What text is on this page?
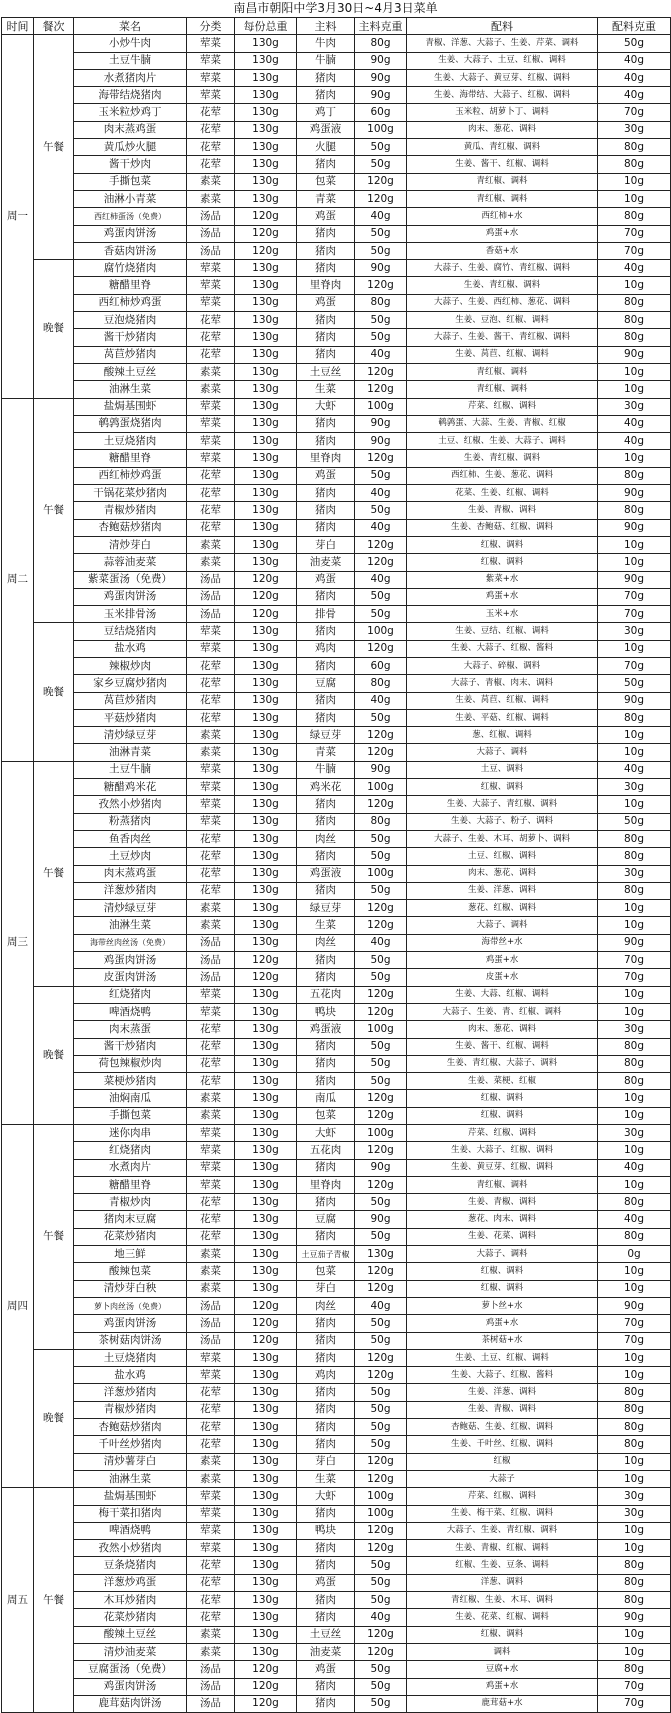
南昌市朝阳中学3月30日~4月3日菜单
时间	餐次	菜名	分类	每份总重	主料	主料克重	配料	配料克重
周一	午餐	小炒牛肉	荤菜	130g	牛肉	80g	青椒、洋葱、大蒜子、生姜、芹菜、调料	50g
		土豆牛腩	荤菜	130g	牛腩	90g	生姜、大蒜子、土豆、红椒、调料	40g
		水煮猪肉片	荤菜	130g	猪肉	90g	生姜、大蒜子、黄豆芽、红椒、调料	40g
		海带结烧猪肉	荤菜	130g	猪肉	90g	生姜、海带结、大蒜子、红椒、调料	40g
		玉米粒炒鸡丁	花荤	130g	鸡丁	60g	玉米粒、胡萝卜丁、调料	70g
		肉末蒸鸡蛋	花荤	130g	鸡蛋液	100g	肉末、葱花、调料	30g
		黄瓜炒火腿	花荤	130g	火腿	50g	黄瓜、青红椒、调料	80g
		酱干炒肉	花荤	130g	猪肉	50g	生姜、酱干、红椒、调料	80g
		手撕包菜	素菜	130g	包菜	120g	青红椒、调料	10g
		油淋小青菜	素菜	130g	青菜	120g	青红椒、调料	10g
		西红柿蛋汤（免费）	汤品	120g	鸡蛋	40g	西红柿+水	80g
		鸡蛋肉饼汤	汤品	120g	猪肉	50g	鸡蛋+水	70g
		香菇肉饼汤	汤品	120g	猪肉	50g	香菇+水	70g
	晚餐	腐竹烧猪肉	荤菜	130g	猪肉	90g	大蒜子、生姜、腐竹、青红椒、调料	40g
		糖醋里脊	荤菜	130g	里脊肉	120g	生姜、青红椒、调料	10g
		西红柿炒鸡蛋	荤菜	130g	鸡蛋	80g	大蒜子、生姜、西红柿、葱花、调料	80g
		豆泡烧猪肉	花荤	130g	猪肉	50g	生姜、豆泡、红椒、调料	80g
		酱干炒猪肉	花荤	130g	猪肉	50g	大蒜子、生姜、酱干、青红椒、调料	80g
		莴苣炒猪肉	花荤	130g	猪肉	40g	生姜、莴苣、红椒、调料	90g
		酸辣土豆丝	素菜	130g	土豆丝	120g	青红椒、调料	10g
		油淋生菜	素菜	130g	生菜	120g	青红椒、调料	10g
周二	午餐	盐焗基围虾	荤菜	130g	大虾	100g	芹菜、红椒、调料	30g
		鹌鹑蛋烧猪肉	荤菜	130g	猪肉	90g	鹌鹑蛋、大蒜、生姜、青椒、红椒	40g
		土豆烧猪肉	荤菜	130g	猪肉	90g	土豆、红椒、生姜、大蒜子、调料	40g
		糖醋里脊	荤菜	130g	里脊肉	120g	生姜、青红椒、调料	10g
		西红柿炒鸡蛋	花荤	130g	鸡蛋	50g	西红柿、生姜、葱花、调料	80g
		干锅花菜炒猪肉	花荤	130g	猪肉	40g	花菜、生姜、红椒、调料	90g
		青椒炒猪肉	花荤	130g	猪肉	50g	生姜、青椒、调料	80g
		杏鲍菇炒猪肉	花荤	130g	猪肉	40g	生姜、杏鲍菇、红椒、调料	90g
		清炒芽白	素菜	130g	芽白	120g	红椒、调料	10g
		蒜蓉油麦菜	素菜	130g	油麦菜	120g	红椒、调料	10g
		紫菜蛋汤（免费）	汤品	120g	鸡蛋	40g	紫菜+水	90g
		鸡蛋肉饼汤	汤品	120g	猪肉	50g	鸡蛋+水	70g
		玉米排骨汤	汤品	120g	排骨	50g	玉米+水	70g
	晚餐	豆结烧猪肉	荤菜	130g	猪肉	100g	生姜、豆结、红椒、调料	30g
		盐水鸡	荤菜	130g	鸡肉	120g	生姜、大蒜子、红椒、酱料	10g
		辣椒炒肉	花荤	130g	猪肉	60g	大蒜子、碎椒、调料	70g
		家乡豆腐炒猪肉	花荤	130g	豆腐	80g	大蒜子、青椒、肉末、调料	50g
		莴苣炒猪肉	花荤	130g	猪肉	40g	生姜、莴苣、红椒、调料	90g
		平菇炒猪肉	花荤	130g	猪肉	50g	生姜、平菇、红椒、调料	80g
		清炒绿豆芽	素菜	130g	绿豆芽	120g	葱、红椒、调料	10g
		油淋青菜	素菜	130g	青菜	120g	大蒜子、调料	10g
周三	午餐	土豆牛腩	荤菜	130g	牛腩	90g	土豆、调料	40g
		糖醋鸡米花	荤菜	130g	鸡米花	100g	红椒、调料	30g
		孜然小炒猪肉	荤菜	130g	猪肉	120g	生姜、大蒜子、青红椒、调料	10g
		粉蒸猪肉	荤菜	130g	猪肉	80g	生姜、大蒜子、粉子、调料	50g
		鱼香肉丝	花荤	130g	肉丝	50g	大蒜子、生姜、木耳、胡萝卜、调料	80g
		土豆炒肉	花荤	130g	猪肉	50g	土豆、红椒、调料	80g
		肉末蒸鸡蛋	花荤	130g	鸡蛋液	100g	肉末、葱花、调料	30g
		洋葱炒猪肉	花荤	130g	猪肉	50g	生姜、洋葱、调料	80g
		清炒绿豆芽	素菜	130g	绿豆芽	120g	葱花、红椒、调料	10g
		油淋生菜	素菜	130g	生菜	120g	大蒜子、调料	10g
		海带丝肉丝汤（免费）	汤品	130g	肉丝	40g	海带丝+水	90g
		鸡蛋肉饼汤	汤品	120g	猪肉	50g	鸡蛋+水	70g
		皮蛋肉饼汤	汤品	120g	猪肉	50g	皮蛋+水	70g
	晚餐	红烧猪肉	荤菜	130g	五花肉	120g	生姜、大蒜、红椒、调料	10g
		啤酒烧鸭	荤菜	130g	鸭块	120g	大蒜子、生姜、青、红椒、调料	10g
		肉末蒸蛋	花荤	130g	鸡蛋液	100g	肉末、葱花、调料	30g
		酱干炒猪肉	花荤	130g	猪肉	50g	生姜、酱干、红椒、调料	80g
		荷包辣椒炒肉	花荤	130g	猪肉	50g	生姜、青红椒、大蒜子、调料	80g
		菜梗炒猪肉	花荤	130g	猪肉	50g	生姜、菜梗、红椒	80g
		油焖南瓜	素菜	130g	南瓜	120g	红椒、调料	10g
		手撕包菜	素菜	130g	包菜	120g	红椒、调料	10g
周四	午餐	迷你肉串	荤菜	130g	大虾	100g	芹菜、红椒、调料	30g
		红烧猪肉	荤菜	130g	五花肉	120g	生姜、大蒜子、红椒、调料	10g
		水煮肉片	荤菜	130g	猪肉	90g	生姜、黄豆芽、红椒、调料	40g
		糖醋里脊	荤菜	130g	里脊肉	120g	青红椒、调料	10g
		青椒炒肉	花荤	130g	猪肉	50g	生姜、青椒、调料	80g
		猪肉末豆腐	花荤	130g	豆腐	90g	葱花、肉末、调料	40g
		花菜炒猪肉	花荤	130g	猪肉	50g	生姜、花菜、调料	80g
		地三鲜	素菜	130g	土豆茄子青椒	130g	大蒜子、调料	0g
		酸辣包菜	素菜	130g	包菜	120g	红椒、调料	10g
		清炒芽白秧	素菜	130g	芽白	120g	红椒、调料	10g
		萝卜肉丝汤（免费）	汤品	120g	肉丝	40g	萝卜丝+水	90g
		鸡蛋肉饼汤	汤品	120g	猪肉	50g	鸡蛋+水	70g
		茶树菇肉饼汤	汤品	120g	猪肉	50g	茶树菇+水	70g
	晚餐	土豆烧猪肉	荤菜	130g	猪肉	120g	生姜、土豆、红椒、调料	10g
		盐水鸡	荤菜	130g	鸡肉	120g	生姜、大蒜子、红椒、酱料	10g
		洋葱炒猪肉	花荤	130g	猪肉	50g	生姜、洋葱、调料	80g
		青椒炒猪肉	花荤	130g	猪肉	50g	生姜、青椒、调料	80g
		杏鲍菇炒猪肉	花荤	130g	猪肉	50g	杏鲍菇、生姜、红椒、调料	80g
		千叶丝炒猪肉	花荤	130g	猪肉	50g	生姜、千叶丝、红椒、调料	80g
		清炒薯芽白	素菜	130g	芽白	120g	红椒	10g
		油淋生菜	素菜	130g	生菜	120g	大蒜子	10g
周五	午餐	盐焗基围虾	荤菜	130g	大虾	100g	芹菜、红椒、调料	30g
		梅干菜扣猪肉	荤菜	130g	猪肉	100g	生姜、梅干菜、红椒、调料	30g
		啤酒烧鸭	荤菜	130g	鸭块	120g	大蒜子、生姜、青红椒、调料	10g
		孜然小炒猪肉	荤菜	130g	猪肉	120g	生姜、青椒、红椒、调料	10g
		豆条烧猪肉	花荤	130g	猪肉	50g	红椒、生姜、豆条、调料	80g
		洋葱炒鸡蛋	花荤	130g	鸡蛋	50g	洋葱、调料	80g
		木耳炒猪肉	花荤	130g	猪肉	50g	青红椒、生姜、木耳、调料	80g
		花菜炒猪肉	花荤	130g	猪肉	40g	生姜、花菜、红椒、调料	90g
		酸辣土豆丝	素菜	130g	土豆丝	120g	红椒、调料	10g
		清炒油麦菜	素菜	130g	油麦菜	120g	调料	10g
		豆腐蛋汤（免费）	汤品	120g	鸡蛋	50g	豆腐+水	80g
		鸡蛋肉饼汤	汤品	120g	猪肉	50g	鸡蛋+水	70g
		鹿茸菇肉饼汤	汤品	120g	猪肉	50g	鹿茸菇+水	70g
